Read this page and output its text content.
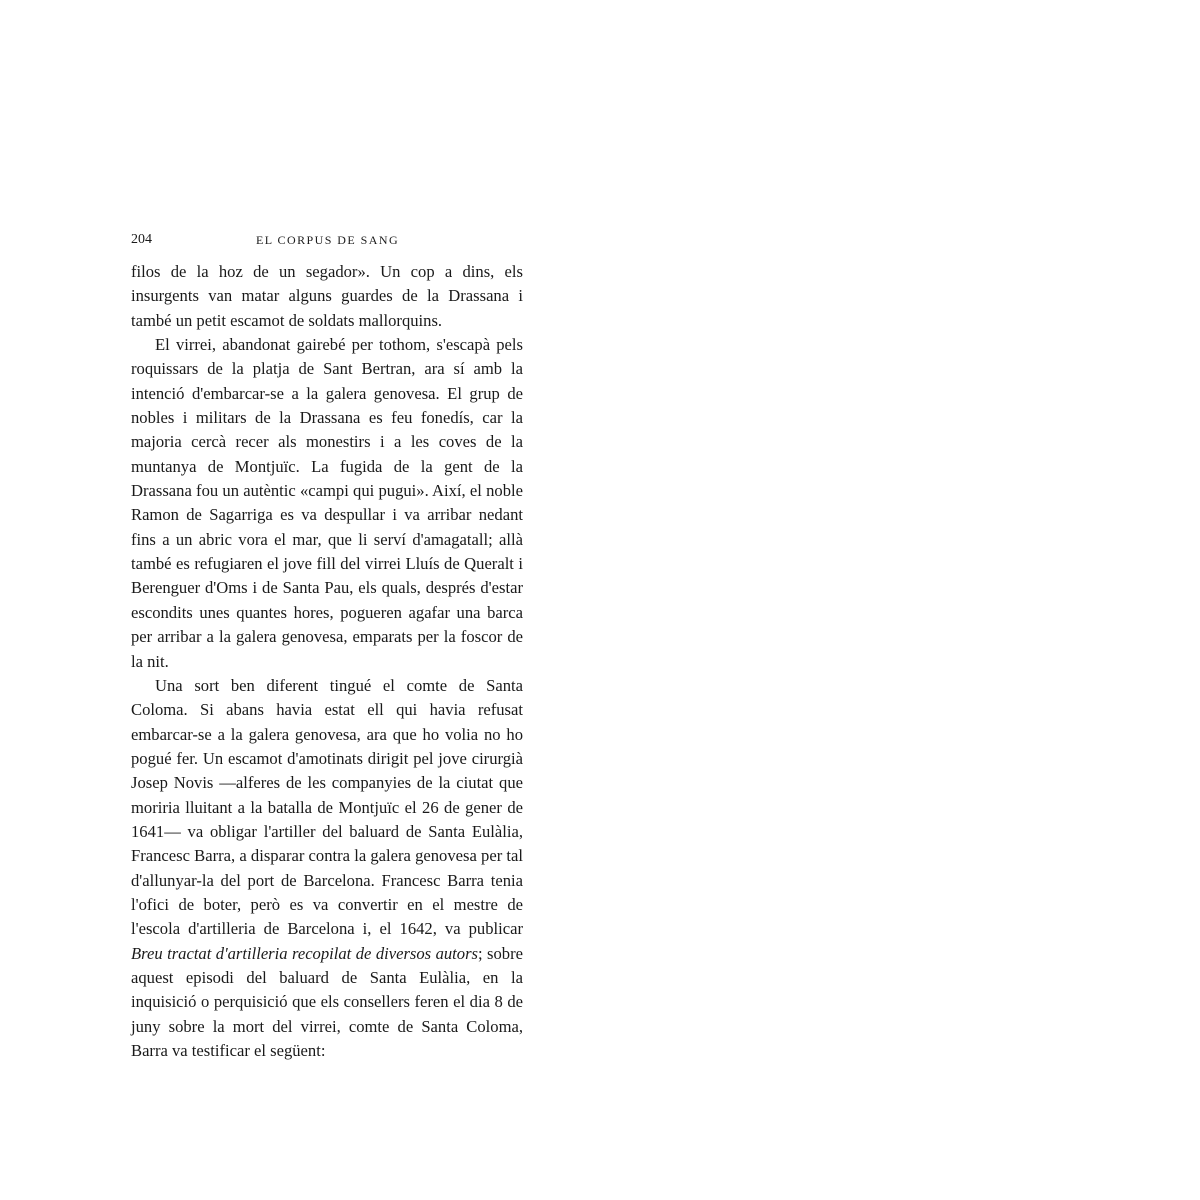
204	EL CORPUS DE SANG

filos de la hoz de un segador». Un cop a dins, els insurgents van matar alguns guardes de la Drassana i també un petit escamot de soldats mallorquins.

El virrei, abandonat gairebé per tothom, s'escapà pels roquissars de la platja de Sant Bertran, ara sí amb la intenció d'embarcar-se a la galera genovesa. El grup de nobles i militars de la Drassana es feu fonedís, car la majoria cercà recer als monestirs i a les coves de la muntanya de Montjuïc. La fugida de la gent de la Drassana fou un autèntic «campi qui pugui». Així, el noble Ramon de Sagarriga es va despullar i va arribar nedant fins a un abric vora el mar, que li serví d'amagatall; allà també es refugiaren el jove fill del virrei Lluís de Queralt i Berenguer d'Oms i de Santa Pau, els quals, després d'estar escondits unes quantes hores, pogueren agafar una barca per arribar a la galera genovesa, emparats per la foscor de la nit.

Una sort ben diferent tingué el comte de Santa Coloma. Si abans havia estat ell qui havia refusat embarcar-se a la galera genovesa, ara que ho volia no ho pogué fer. Un escamot d'amotinats dirigit pel jove cirurgià Josep Novis —alferes de les companyies de la ciutat que moriria lluitant a la batalla de Montjuïc el 26 de gener de 1641— va obligar l'artiller del baluard de Santa Eulàlia, Francesc Barra, a disparar contra la galera genovesa per tal d'allunyar-la del port de Barcelona. Francesc Barra tenia l'ofici de boter, però es va convertir en el mestre de l'escola d'artilleria de Barcelona i, el 1642, va publicar Breu tractat d'artilleria recopilat de diversos autors; sobre aquest episodi del baluard de Santa Eulàlia, en la inquisició o perquisició que els consellers feren el dia 8 de juny sobre la mort del virrei, comte de Santa Coloma, Barra va testificar el següent:
